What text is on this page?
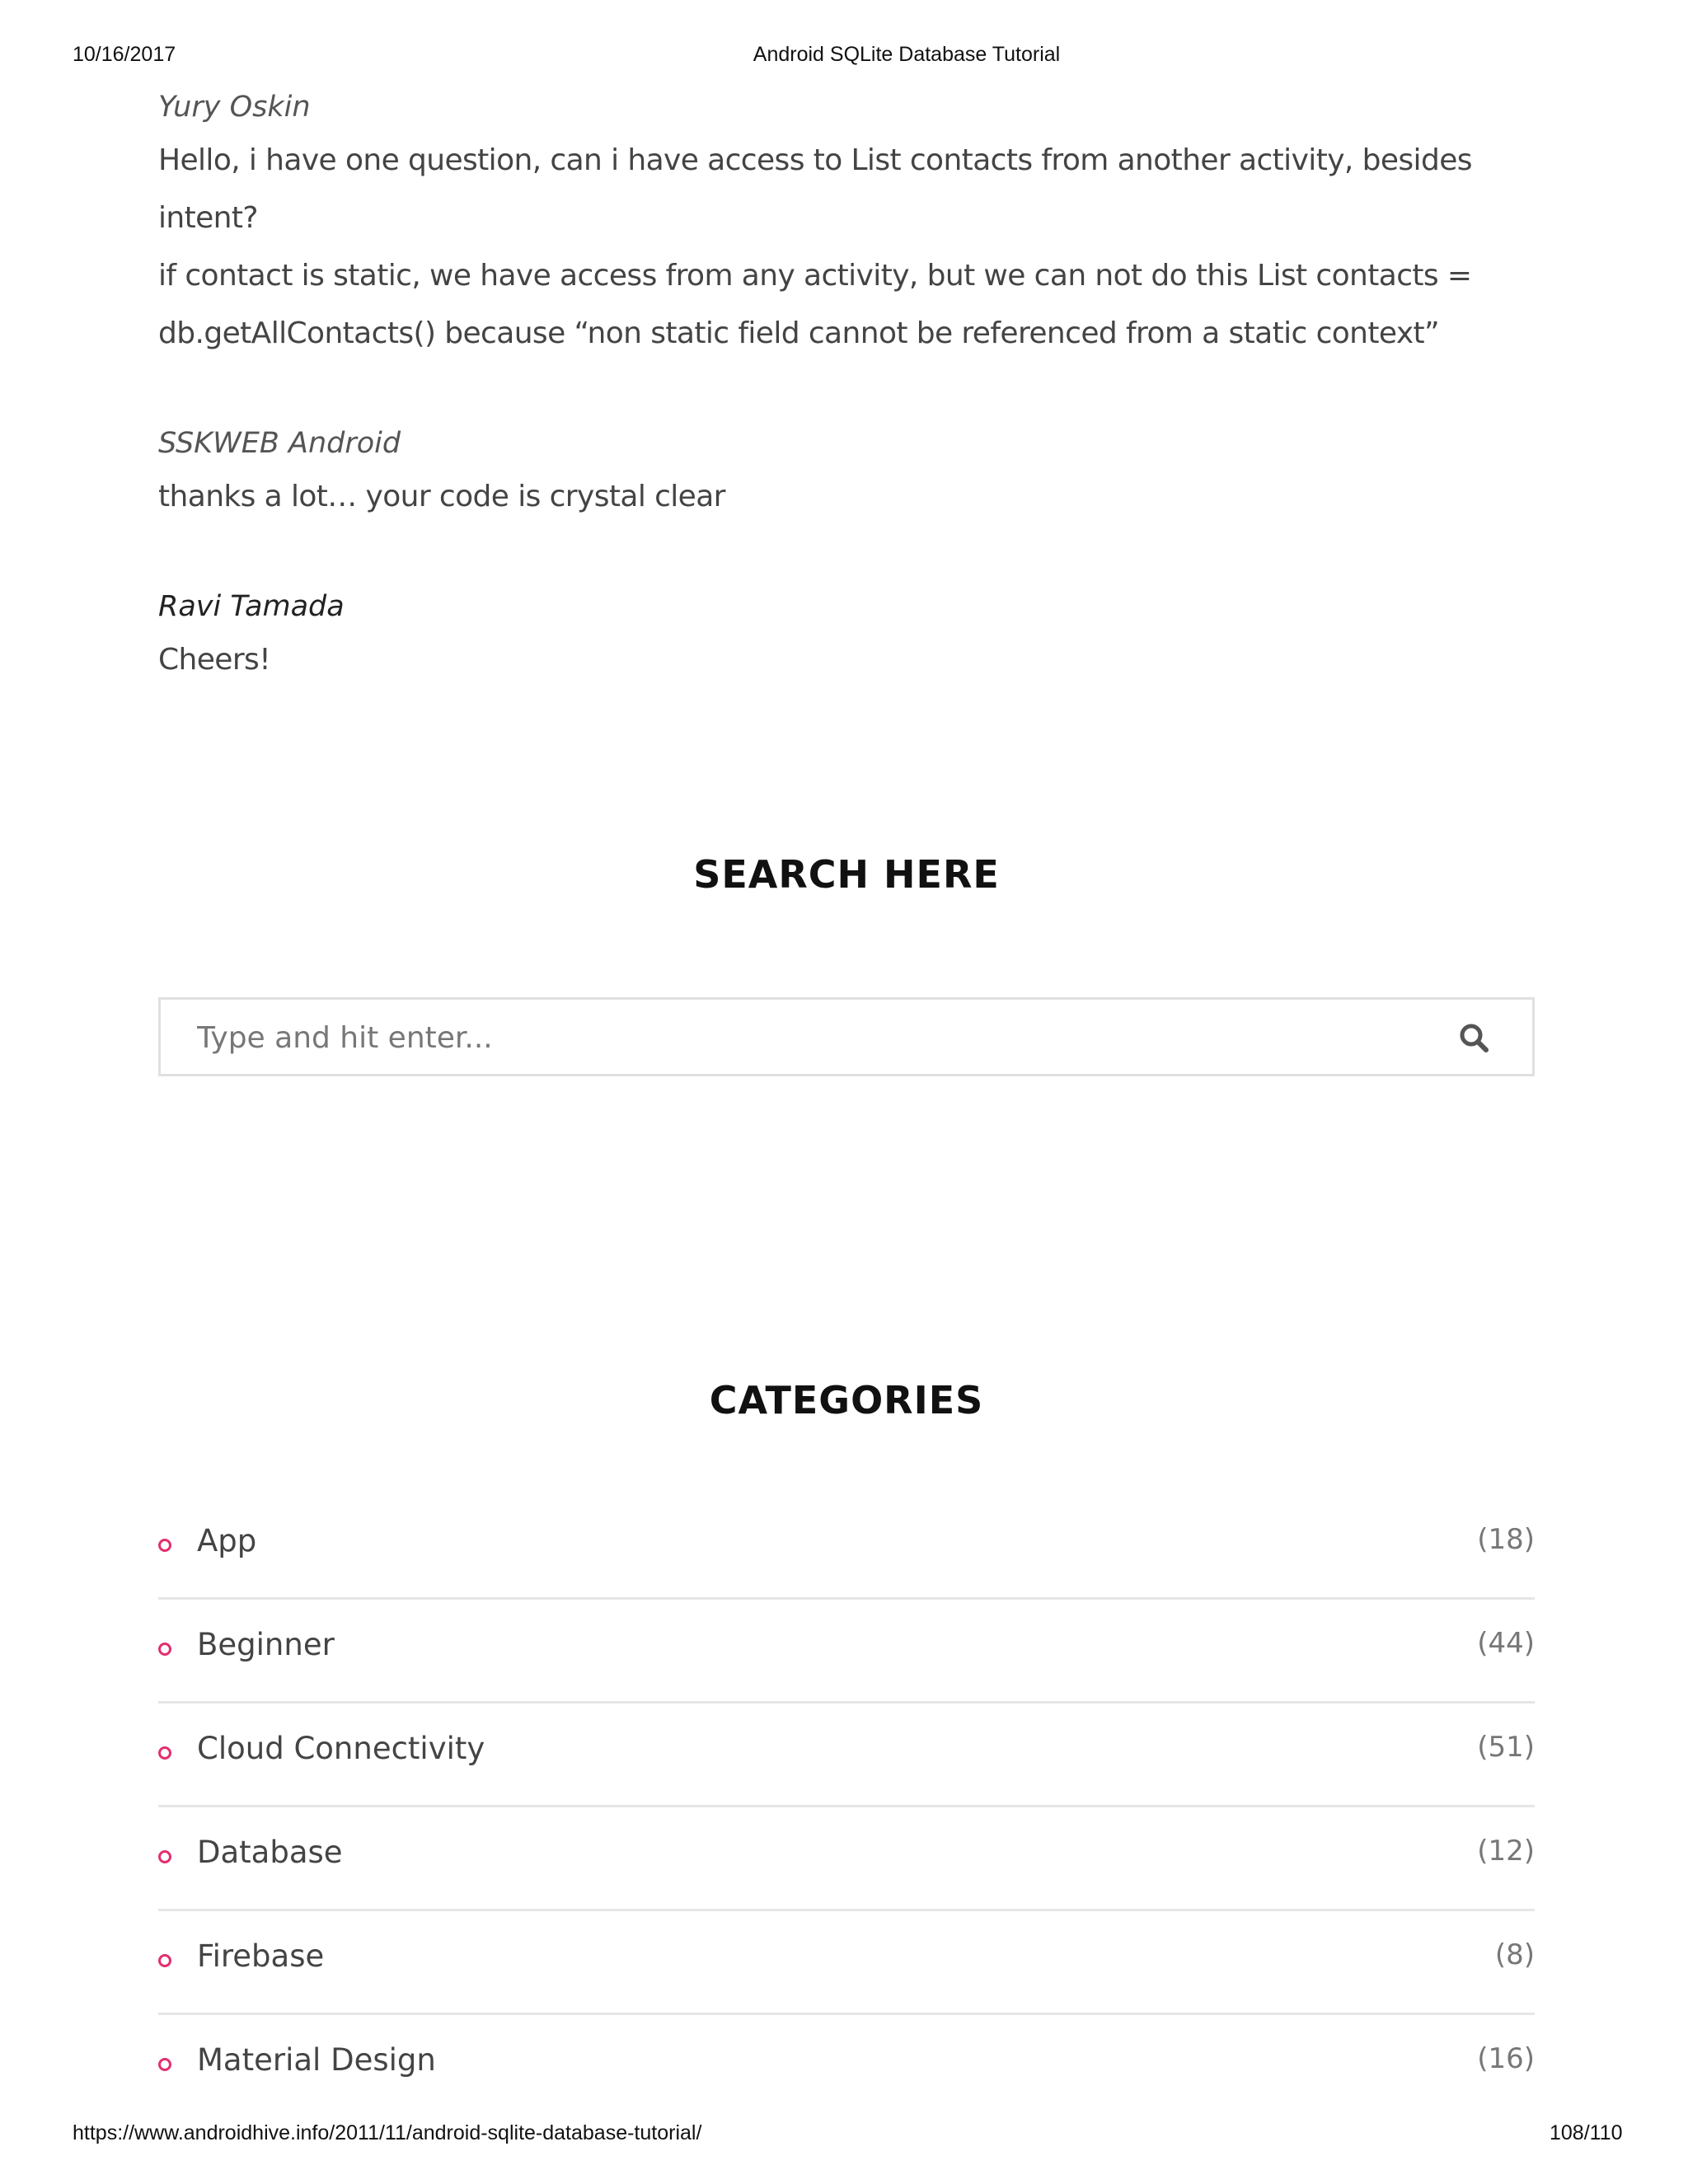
10/16/2017	Android SQLite Database Tutorial
Yury Oskin
Hello, i have one question, can i have access to List contacts from another activity, besides intent?
if contact is static, we have access from any activity, but we can not do this List contacts =
db.getAllContacts() because “non static field cannot be referenced from a static context”
SSKWEB Android
thanks a lot… your code is crystal clear
Ravi Tamada
Cheers!
SEARCH HERE
Type and hit enter...
CATEGORIES
App	(18)
Beginner	(44)
Cloud Connectivity	(51)
Database	(12)
Firebase	(8)
Material Design	(16)
https://www.androidhive.info/2011/11/android-sqlite-database-tutorial/	108/110
